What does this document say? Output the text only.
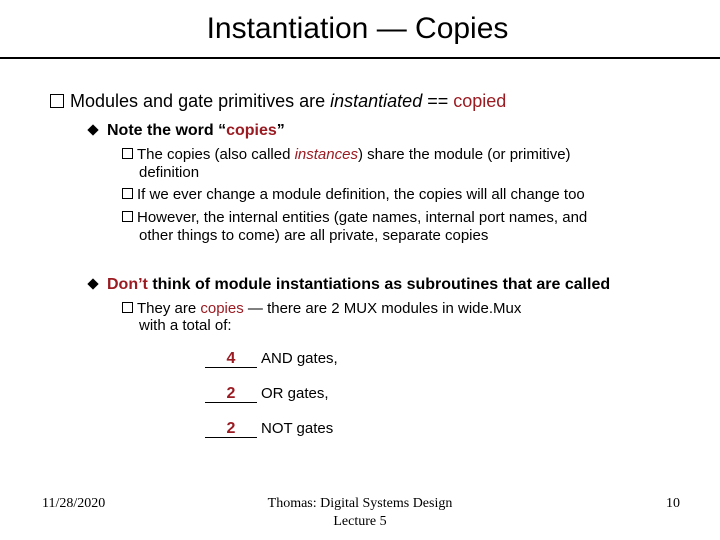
Instantiation — Copies
Modules and gate primitives are instantiated == copied
Note the word “copies”
The copies (also called instances) share the module (or primitive)
definition
If we ever change a module definition, the copies will all change too
However, the internal entities (gate names, internal port names, and
other things to come) are all private, separate copies
Don’t think of module instantiations as subroutines that are called
They are copies — there are 2 MUX modules in wide.Mux
with a total of:
4 AND gates,
2 OR gates,
2 NOT gates
11/28/2020	Thomas: Digital Systems Design
Lecture 5
10
